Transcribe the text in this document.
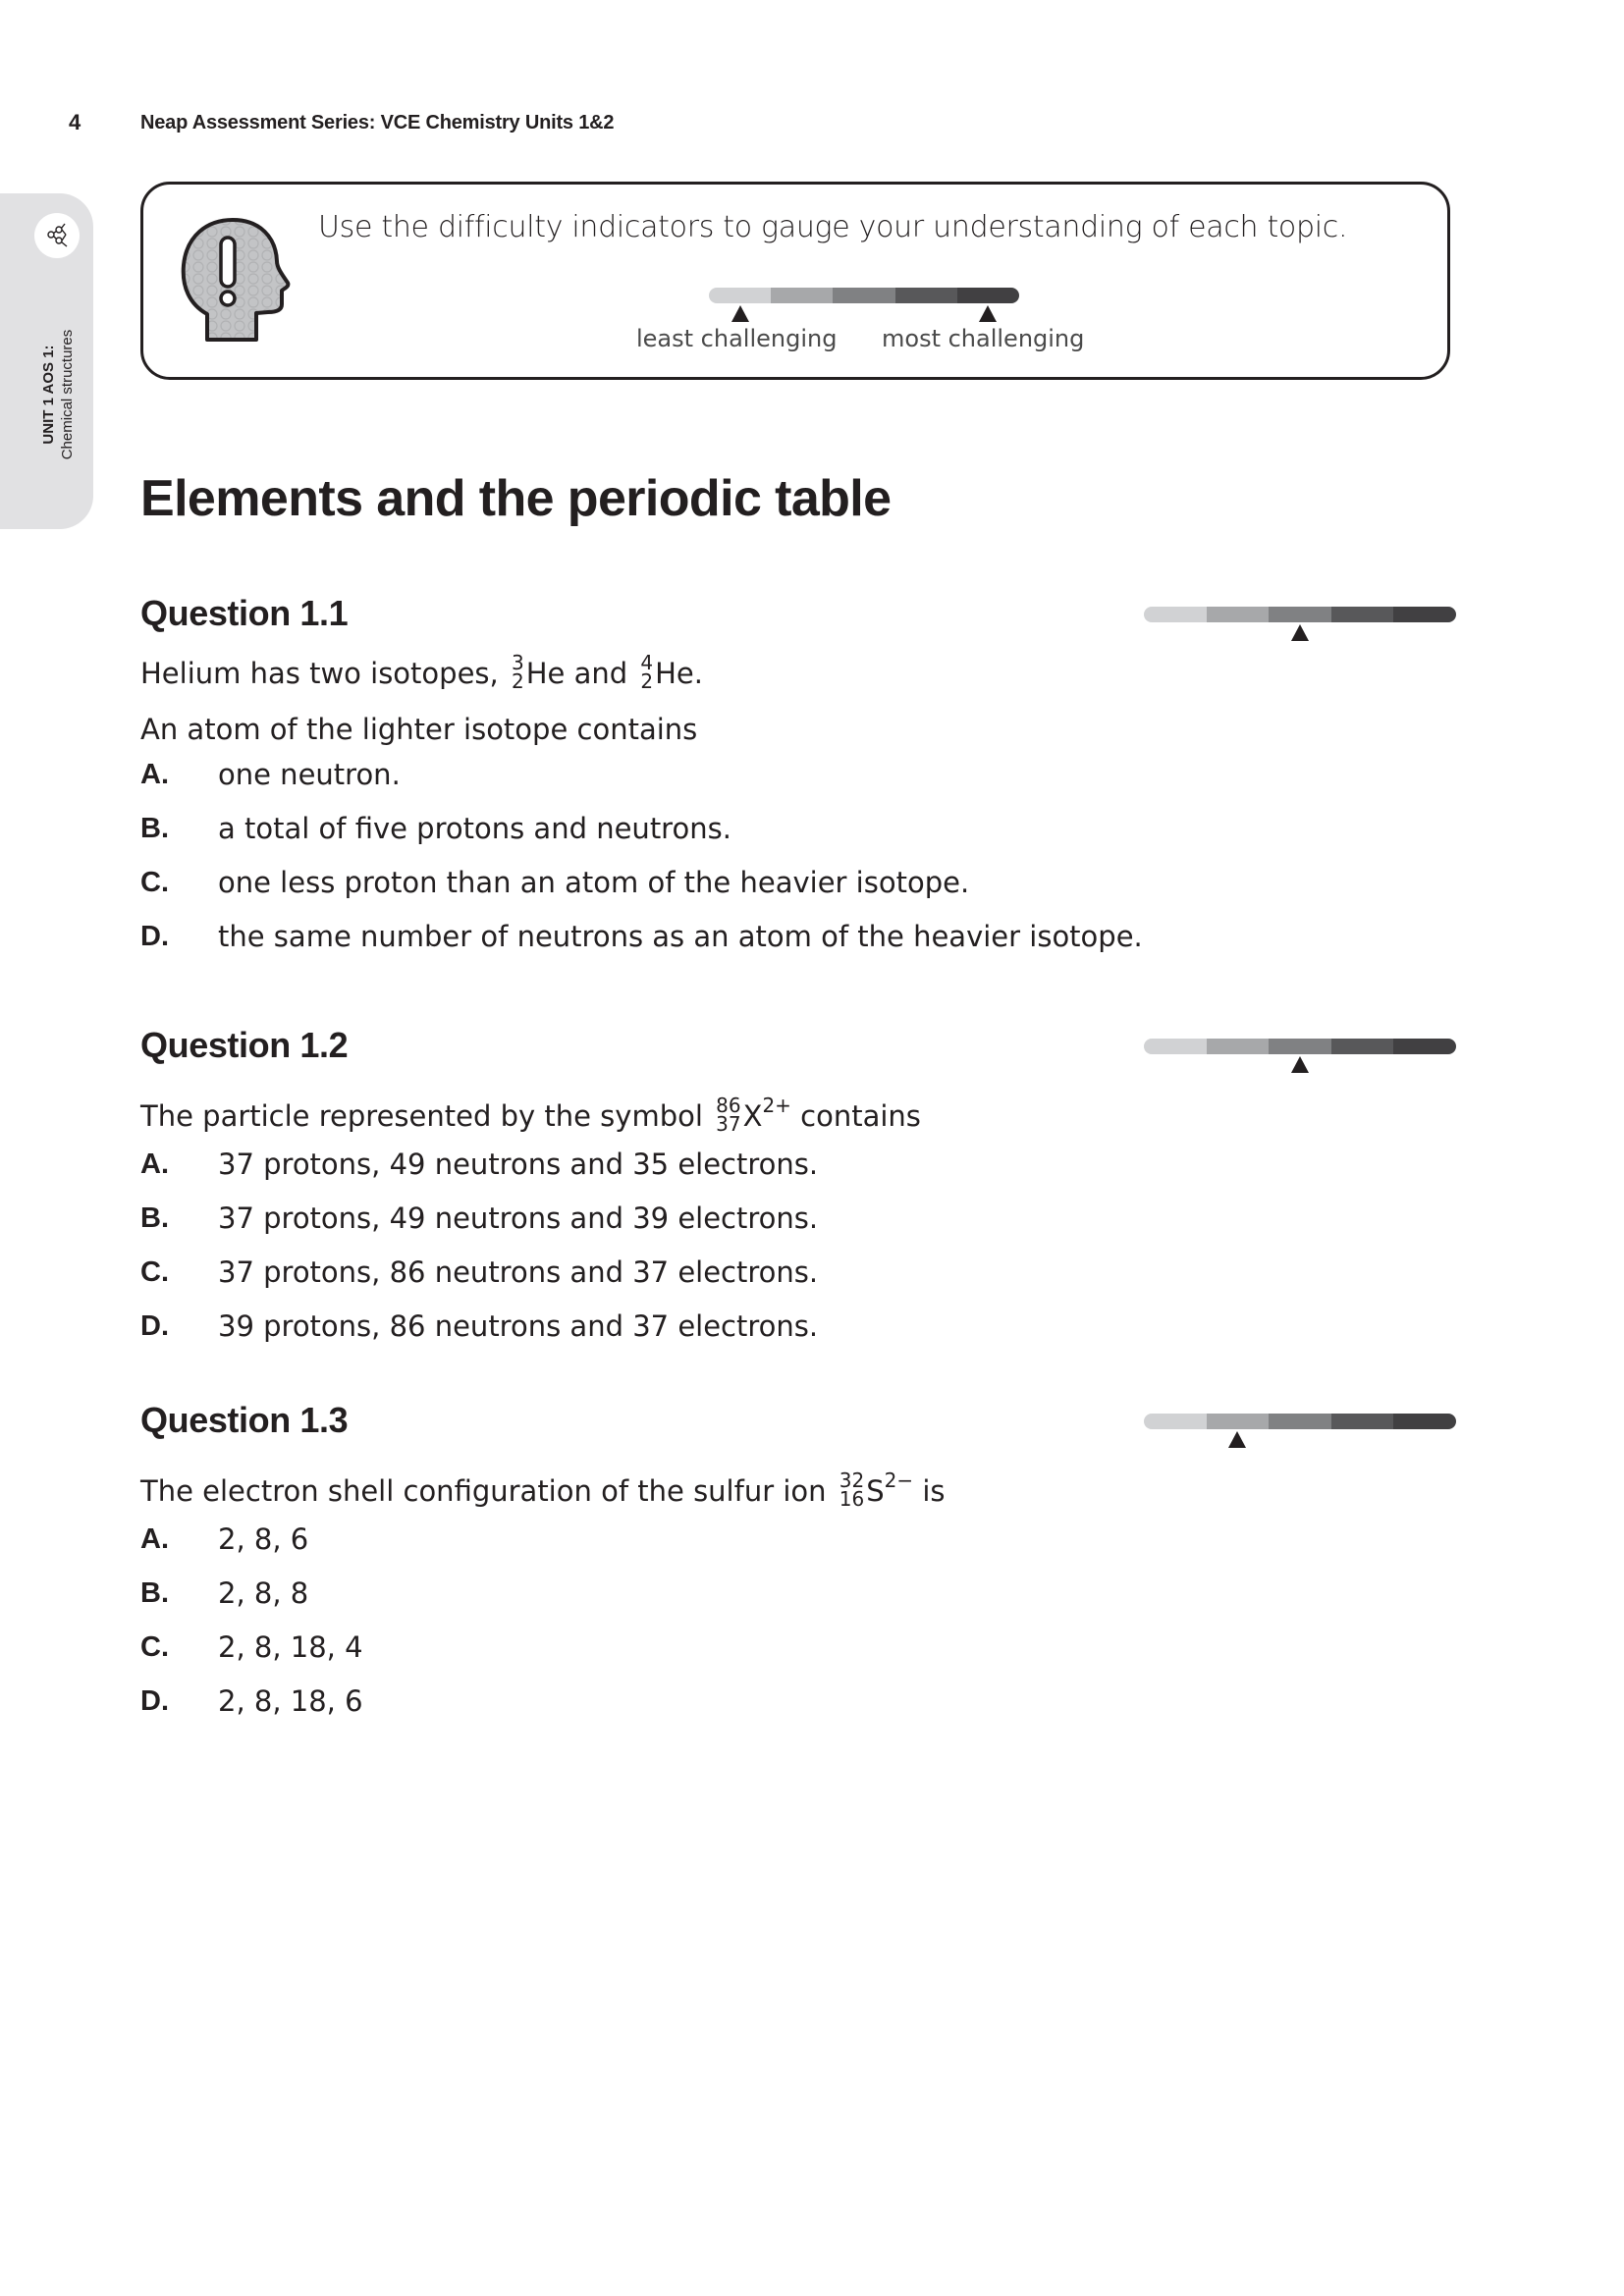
4	Neap Assessment Series: VCE Chemistry Units 1&2
UNIT 1 AOS 1: Chemical structures
Use the difficulty indicators to gauge your understanding of each topic.
least challenging most challenging
Elements and the periodic table
Question 1.1
Helium has two isotopes, 3
2 He and 4
2 He.
An atom of the lighter isotope contains
A.	one neutron.
B.	a total of five protons and neutrons.
C.	one less proton than an atom of the heavier isotope.
D.	the same number of neutrons as an atom of the heavier isotope.
Question 1.2
The particle represented by the symbol 86
37 $X^{2+}$ contains
A.	37 protons, 49 neutrons and 35 electrons.
B.	37 protons, 49 neutrons and 39 electrons.
C.	37 protons, 86 neutrons and 37 electrons.
D.	39 protons, 86 neutrons and 37 electrons.
Question 1.3
The electron shell configuration of the sulfur ion 32
16 $S^{2-}$ is
A.	2, 8, 6
B.	2, 8, 8
C.	2, 8, 18, 4
D.	2, 8, 18, 6
